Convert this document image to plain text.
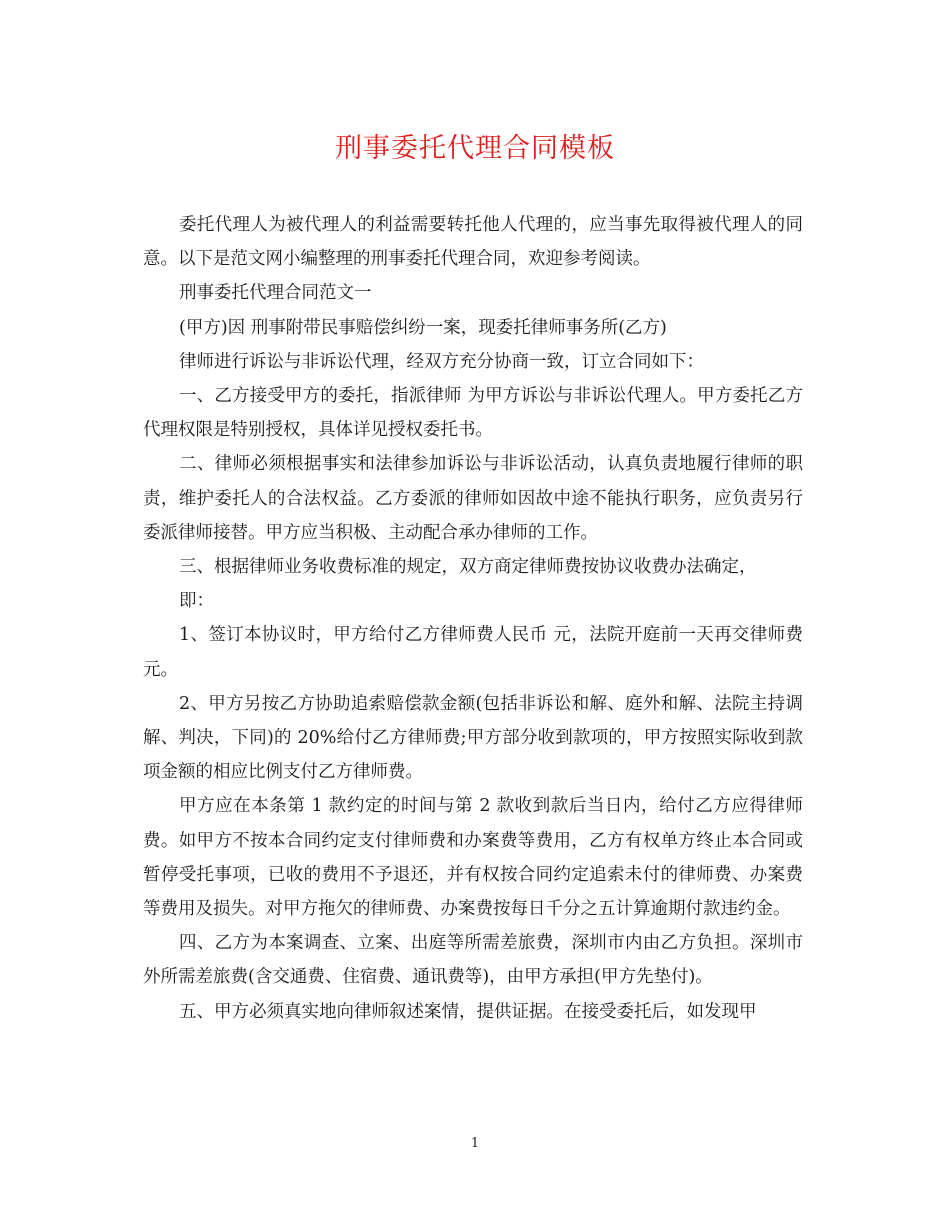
刑事委托代理合同模板

委托代理人为被代理人的利益需要转托他人代理的，应当事先取得被代理人的同意。以下是范文网小编整理的刑事委托代理合同，欢迎参考阅读。

刑事委托代理合同范文一

(甲方)因 刑事附带民事赔偿纠纷一案，现委托律师事务所(乙方)

律师进行诉讼与非诉讼代理，经双方充分协商一致，订立合同如下：

一、乙方接受甲方的委托，指派律师 为甲方诉讼与非诉讼代理人。甲方委托乙方代理权限是特别授权，具体详见授权委托书。

二、律师必须根据事实和法律参加诉讼与非诉讼活动，认真负责地履行律师的职责，维护委托人的合法权益。乙方委派的律师如因故中途不能执行职务，应负责另行委派律师接替。甲方应当积极、主动配合承办律师的工作。

三、根据律师业务收费标准的规定，双方商定律师费按协议收费办法确定，

即：

1、签订本协议时，甲方给付乙方律师费人民币 元，法院开庭前一天再交律师费 元。

2、甲方另按乙方协助追索赔偿款金额(包括非诉讼和解、庭外和解、法院主持调解、判决，下同)的 20%给付乙方律师费;甲方部分收到款项的，甲方按照实际收到款项金额的相应比例支付乙方律师费。

甲方应在本条第 1 款约定的时间与第 2 款收到款后当日内，给付乙方应得律师费。如甲方不按本合同约定支付律师费和办案费等费用，乙方有权单方终止本合同或暂停受托事项，已收的费用不予退还，并有权按合同约定追索未付的律师费、办案费等费用及损失。对甲方拖欠的律师费、办案费按每日千分之五计算逾期付款违约金。

四、乙方为本案调查、立案、出庭等所需差旅费，深圳市内由乙方负担。深圳市外所需差旅费(含交通费、住宿费、通讯费等)，由甲方承担(甲方先垫付)。

五、甲方必须真实地向律师叙述案情，提供证据。在接受委托后，如发现甲

1
